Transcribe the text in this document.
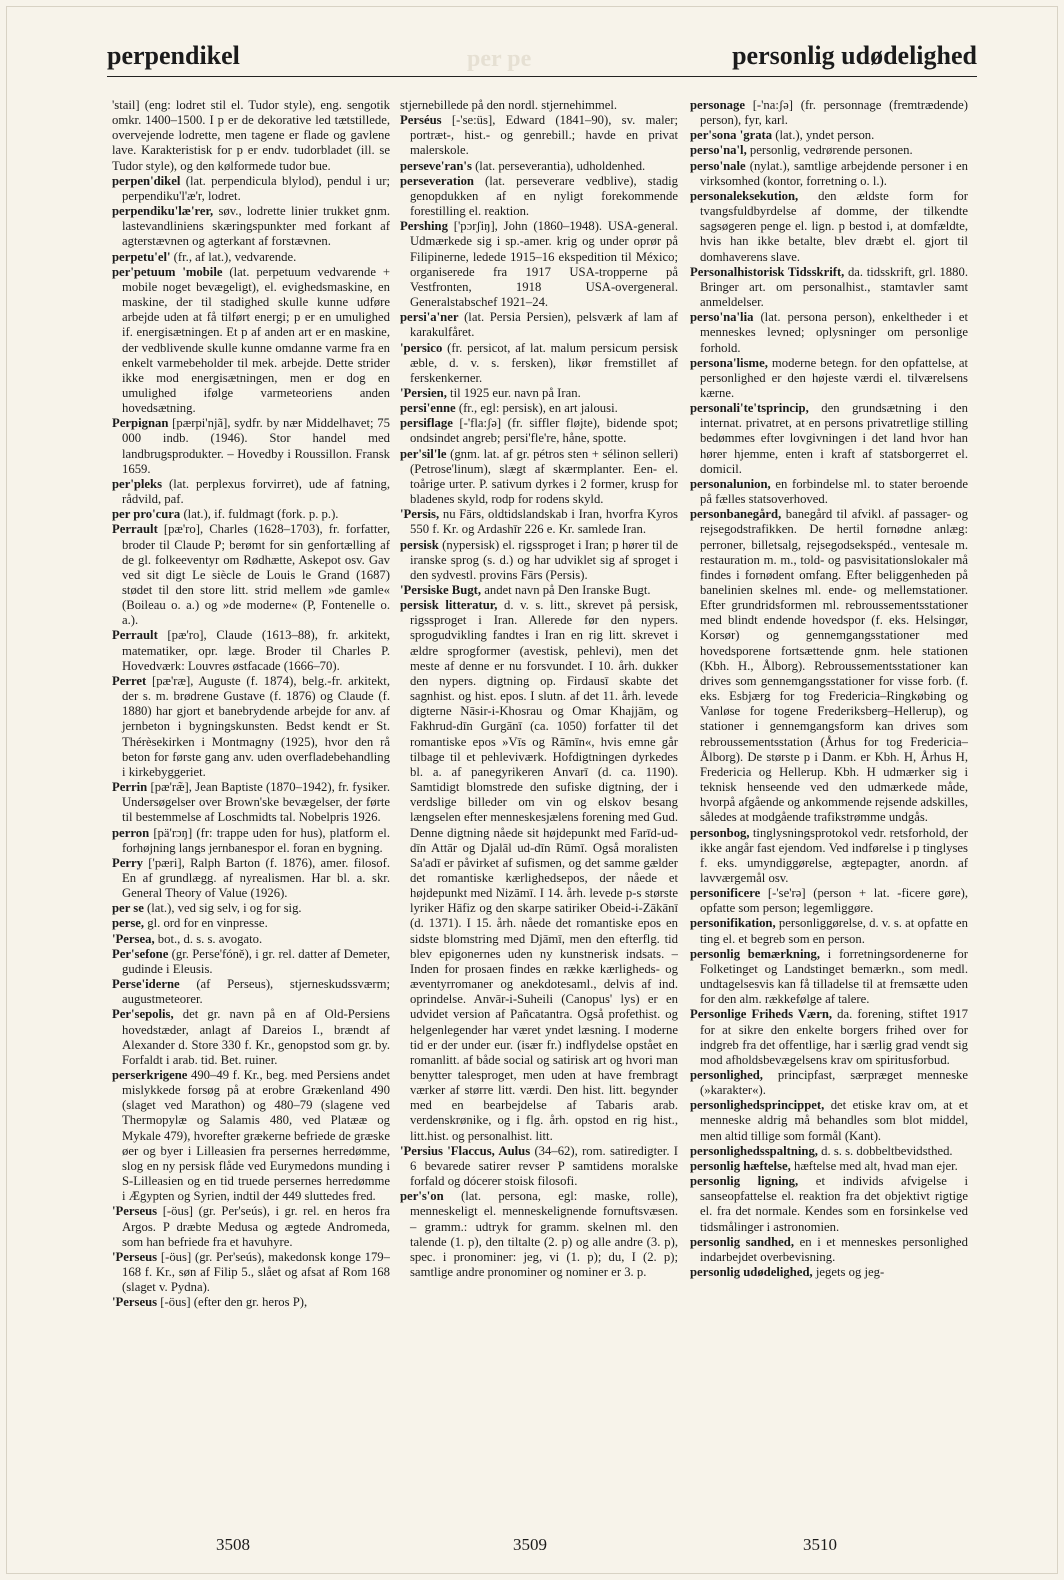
per pe
perpendikel	personlig udødelighed

'stail] (eng: lodret stil el. Tudor style), eng. sengotik omkr. 1400–1500. I p er de dekorative led tætstillede, overvejende lodrette, men tagene er flade og gavlene lave. Karakteristisk for p er endv. tudorbladet (ill. se Tudor style), og den kølformede tudor bue.

perpen'dikel (lat. perpendicula blylod), pendul i ur; perpendiku'l'æ'r, lodret.

perpendiku'læ'rer, søv., lodrette linier trukket gnm. lastevandliniens skæringspunkter med forkant af agterstævnen og agterkant af forstævnen.

perpetu'el' (fr., af lat.), vedvarende.

per'petuum 'mobile (lat. perpetuum vedvarende + mobile noget bevægeligt), el. evighedsmaskine, en maskine, der til stadighed skulle kunne udføre arbejde uden at få tilført energi; p er en umulighed if. energisætningen. Et p af anden art er en maskine, der vedblivende skulle kunne omdanne varme fra en enkelt varmebeholder til mek. arbejde. Dette strider ikke mod energisætningen, men er dog en umulighed ifølge varmeteoriens anden hovedsætning.

Perpignan [pærpi'njã], sydfr. by nær Middelhavet; 75 000 indb. (1946). Stor handel med landbrugsprodukter. – Hovedby i Roussillon. Fransk 1659.

per'pleks (lat. perplexus forvirret), ude af fatning, rådvild, paf.

per pro'cura (lat.), if. fuldmagt (fork. p. p.).

Perrault [pæ'ro], Charles (1628–1703), fr. forfatter, broder til Claude P; berømt for sin genfortælling af de gl. folkeeventyr om Rødhætte, Askepot osv. Gav ved sit digt Le siècle de Louis le Grand (1687) stødet til den store litt. strid mellem »de gamle« (Boileau o. a.) og »de moderne« (P, Fontenelle o. a.).

Perrault [pæ'ro], Claude (1613–88), fr. arkitekt, matematiker, opr. læge. Broder til Charles P. Hovedværk: Louvres østfacade (1666–70).

Perret [pæ'ræ], Auguste (f. 1874), belg.-fr. arkitekt, der s. m. brødrene Gustave (f. 1876) og Claude (f. 1880) har gjort et banebrydende arbejde for anv. af jernbeton i bygningskunsten. Bedst kendt er St. Thérèsekirken i Montmagny (1925), hvor den rå beton for første gang anv. uden overfladebehandling i kirkebyggeriet.

Perrin [pæ'ræ̃], Jean Baptiste (1870–1942), fr. fysiker. Undersøgelser over Brown'ske bevægelser, der førte til bestemmelse af Loschmidts tal. Nobelpris 1926.

perron [pä'rɔŋ] (fr: trappe uden for hus), platform el. forhøjning langs jernbanespor el. foran en bygning.

Perry ['pæri], Ralph Barton (f. 1876), amer. filosof. En af grundlægg. af nyrealismen. Har bl. a. skr. General Theory of Value (1926).

per se (lat.), ved sig selv, i og for sig.

perse, gl. ord for en vinpresse.

'Persea, bot., d. s. s. avogato.

Per'sefone (gr. Perse'fóně), i gr. rel. datter af Demeter, gudinde i Eleusis.

Perse'iderne (af Perseus), stjerneskudssværm; augustmeteorer.

Per'sepolis, det gr. navn på en af Old-Persiens hovedstæder, anlagt af Dareios I., brændt af Alexander d. Store 330 f. Kr., genopstod som gr. by. Forfaldt i arab. tid. Bet. ruiner.

perserkrigene 490–49 f. Kr., beg. med Persiens andet mislykkede forsøg på at erobre Grækenland 490 (slaget ved Marathon) og 480–79 (slagene ved Thermopylæ og Salamis 480, ved Platææ og Mykale 479), hvorefter grækerne befriede de græske øer og byer i Lilleasien fra persernes herredømme, slog en ny persisk flåde ved Eurymedons munding i S-Lilleasien og en tid truede persernes herredømme i Ægypten og Syrien, indtil der 449 sluttedes fred.

'Perseus [-öus] (gr. Per'seús), i gr. rel. en heros fra Argos. P dræbte Medusa og ægtede Andromeda, som han befriede fra et havuhyre.

'Perseus [-öus] (gr. Per'seús), makedonsk konge 179–168 f. Kr., søn af Filip 5., slået og afsat af Rom 168 (slaget v. Pydna).

'Perseus [-öus] (efter den gr. heros P),

stjernebillede på den nordl. stjernehimmel.

Perséus [-'se:üs], Edward (1841–90), sv. maler; portræt-, hist.- og genrebill.; havde en privat malerskole.

perseve'ran's (lat. perseverantia), udholdenhed.

perseveration (lat. perseverare vedblive), stadig genopdukken af en nyligt forekommende forestilling el. reaktion.

Pershing ['pɔrʃiŋ], John (1860–1948). USA-general. Udmærkede sig i sp.-amer. krig og under oprør på Filipinerne, ledede 1915–16 ekspedition til México; organiserede fra 1917 USA-tropperne på Vestfronten, 1918 USA-overgeneral. Generalstabschef 1921–24.

persi'a'ner (lat. Persia Persien), pelsværk af lam af karakulfåret.

'persico (fr. persicot, af lat. malum persicum persisk æble, d. v. s. fersken), likør fremstillet af ferskenkerner.

'Persien, til 1925 eur. navn på Iran.

persi'enne (fr., egl: persisk), en art jalousi.

persiflage [-'fla:ʃə] (fr. siffler fløjte), bidende spot; ondsindet angreb; persi'fle're, håne, spotte.

per'sil'le (gnm. lat. af gr. pétros sten + sélinon selleri) (Petrose'linum), slægt af skærmplanter. Een- el. toårige urter. P. sativum dyrkes i 2 former, krusp for bladenes skyld, rodp for rodens skyld.

'Persis, nu Fārs, oldtidslandskab i Iran, hvorfra Kyros 550 f. Kr. og Ardashīr 226 e. Kr. samlede Iran.

persisk (nypersisk) el. rigssproget i Iran; p hører til de iranske sprog (s. d.) og har udviklet sig af sproget i den sydvestl. provins Fārs (Persis).

'Persiske Bugt, andet navn på Den Iranske Bugt.

persisk litteratur, d. v. s. litt., skrevet på persisk, rigssproget i Iran. Allerede før den nypers. sprogudvikling fandtes i Iran en rig litt. skrevet i ældre sprogformer (avestisk, pehlevi), men det meste af denne er nu forsvundet. I 10. årh. dukker den nypers. digtning op. Firdausī skabte det sagnhist. og hist. epos. I slutn. af det 11. årh. levede digterne Nāsir-i-Khosrau og Omar Khajjām, og Fakhrud-dīn Gurgānī (ca. 1050) forfatter til det romantiske epos »Vīs og Rāmīn«, hvis emne går tilbage til et pehleviværk. Hofdigtningen dyrkedes bl. a. af panegyrikeren Anvarī (d. ca. 1190). Samtidigt blomstrede den sufiske digtning, der i verdslige billeder om vin og elskov besang længselen efter menneskesjælens forening med Gud. Denne digtning nåede sit højdepunkt med Farīd-ud-dīn Attār og Djalāl ud-dīn Rūmī. Også moralisten Sa'adī er påvirket af sufismen, og det samme gælder det romantiske kærlighedsepos, der nåede et højdepunkt med Nizāmī. I 14. årh. levede p-s største lyriker Hāfiz og den skarpe satiriker Obeid-i-Zākānī (d. 1371). I 15. årh. nåede det romantiske epos en sidste blomstring med Djāmī, men den efterflg. tid blev epigonernes uden ny kunstnerisk indsats. – Inden for prosaen findes en række kærligheds- og æventyrromaner og anekdotesaml., delvis af ind. oprindelse. Anvār-i-Suheili (Canopus' lys) er en udvidet version af Pañcatantra. Også profethist. og helgenlegender har været yndet læsning. I moderne tid er der under eur. (især fr.) indflydelse opstået en romanlitt. af både social og satirisk art og hvori man benytter talesproget, men uden at have frembragt værker af større litt. værdi. Den hist. litt. begynder med en bearbejdelse af Tabaris arab. verdenskrønike, og i flg. årh. opstod en rig hist., litt.hist. og personalhist. litt.

'Persius 'Flaccus, Aulus (34–62), rom. satiredigter. I 6 bevarede satirer revser P samtidens moralske forfald og dócerer stoisk filosofi.

per's'on (lat. persona, egl: maske, rolle), menneskeligt el. menneskelignende fornuftsvæsen. – gramm.: udtryk for gramm. skelnen ml. den talende (1. p), den tiltalte (2. p) og alle andre (3. p), spec. i pronominer: jeg, vi (1. p); du, I (2. p); samtlige andre pronominer og nominer er 3. p.

personage [-'na:ʃə] (fr. personnage (fremtrædende) person), fyr, karl.

per'sona 'grata (lat.), yndet person.

perso'na'l, personlig, vedrørende personen.

perso'nale (nylat.), samtlige arbejdende personer i en virksomhed (kontor, forretning o. l.).

personaleksekution, den ældste form for tvangsfuldbyrdelse af domme, der tilkendte sagsøgeren penge el. lign. p bestod i, at domfældte, hvis han ikke betalte, blev dræbt el. gjort til domhaverens slave.

Personalhistorisk Tidsskrift, da. tidsskrift, grl. 1880. Bringer art. om personalhist., stamtavler samt anmeldelser.

perso'na'lia (lat. persona person), enkeltheder i et menneskes levned; oplysninger om personlige forhold.

persona'lisme, moderne betegn. for den opfattelse, at personlighed er den højeste værdi el. tilværelsens kærne.

personali'te'tsprincip, den grundsætning i den internat. privatret, at en persons privatretlige stilling bedømmes efter lovgivningen i det land hvor han hører hjemme, enten i kraft af statsborgerret el. domicil.

personalunion, en forbindelse ml. to stater beroende på fælles statsoverhoved.

personbanegård, banegård til afvikl. af passager- og rejsegodstrafikken. De hertil fornødne anlæg: perroner, billetsalg, rejsegodsekspéd., ventesale m. restauration m. m., told- og pasvisitationslokaler må findes i fornødent omfang. Efter beliggenheden på banelinien skelnes ml. ende- og mellemstationer. Efter grundridsformen ml. rebroussementsstationer med blindt endende hovedspor (f. eks. Helsingør, Korsør) og gennemgangsstationer med hovedsporene fortsættende gnm. hele stationen (Kbh. H., Ålborg). Rebroussementsstationer kan drives som gennemgangsstationer for visse forb. (f. eks. Esbjærg for tog Fredericia–Ringkøbing og Vanløse for togene Frederiksberg–Hellerup), og stationer i gennemgangsform kan drives som rebroussementsstation (Århus for tog Fredericia–Ålborg). De største p i Danm. er Kbh. H, Århus H, Fredericia og Hellerup. Kbh. H udmærker sig i teknisk henseende ved den udmærkede måde, hvorpå afgående og ankommende rejsende adskilles, således at modgående trafikstrømme undgås.

personbog, tinglysningsprotokol vedr. retsforhold, der ikke angår fast ejendom. Ved indførelse i p tinglyses f. eks. umyndiggørelse, ægtepagter, anordn. af lavværgemål osv.

personificere [-'se'rə] (person + lat. -ficere gøre), opfatte som person; legemliggøre.

personifikation, personliggørelse, d. v. s. at opfatte en ting el. et begreb som en person.

personlig bemærkning, i forretningsordenerne for Folketinget og Landstinget bemærkn., som medl. undtagelsesvis kan få tilladelse til at fremsætte uden for den alm. rækkefølge af talere.

Personlige Friheds Værn, da. forening, stiftet 1917 for at sikre den enkelte borgers frihed over for indgreb fra det offentlige, har i særlig grad vendt sig mod afholdsbevægelsens krav om spiritusforbud.

personlighed, principfast, særpræget menneske (»karakter«).

personlighedsprincippet, det etiske krav om, at et menneske aldrig må behandles som blot middel, men altid tillige som formål (Kant).

personlighedsspaltning, d. s. s. dobbeltbevidsthed.

personlig hæftelse, hæftelse med alt, hvad man ejer.

personlig ligning, et individs afvigelse i sanseopfattelse el. reaktion fra det objektivt rigtige el. fra det normale. Kendes som en forsinkelse ved tidsmålinger i astronomien.

personlig sandhed, en i et menneskes personlighed indarbejdet overbevisning.

personlig udødelighed, jegets og jeg-

3508	3509	3510
